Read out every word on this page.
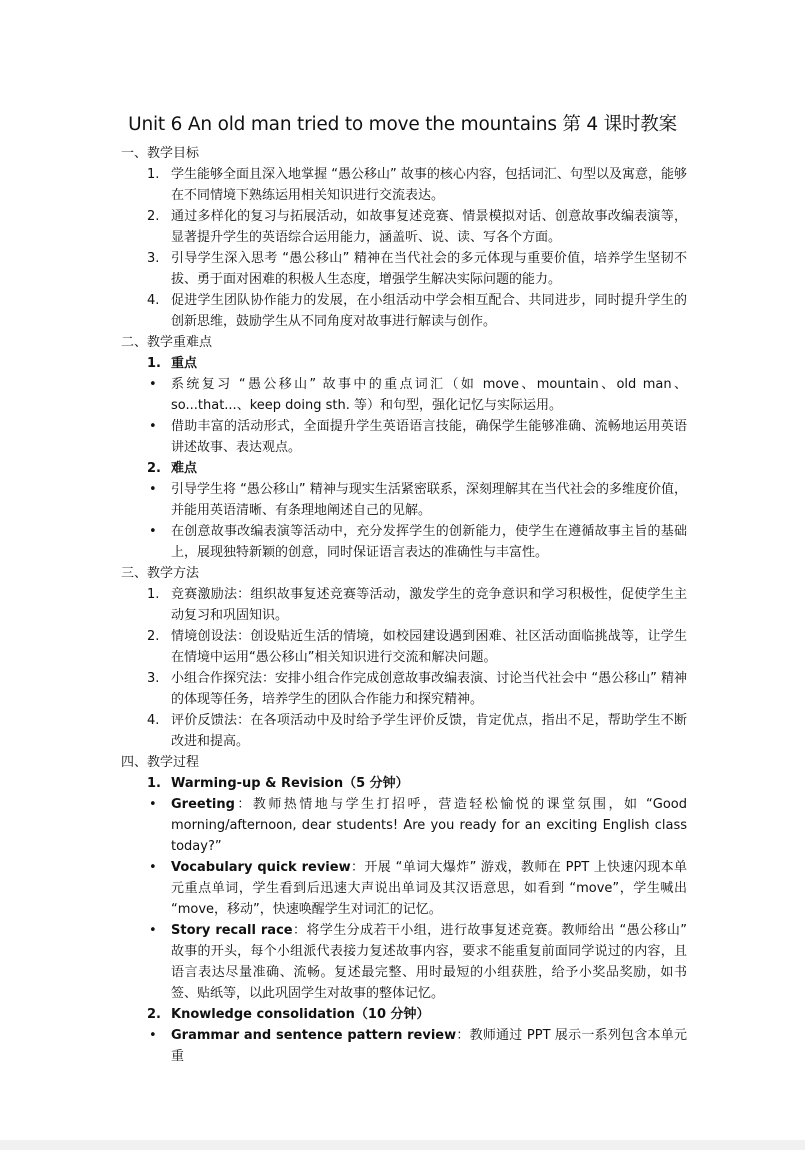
Unit 6 An old man tried to move the mountains 第 4 课时教案
一、教学目标
1. 学生能够全面且深入地掌握 “愚公移山” 故事的核心内容，包括词汇、句型以及寓意，能够在不同情境下熟练运用相关知识进行交流表达。
2. 通过多样化的复习与拓展活动，如故事复述竞赛、情景模拟对话、创意故事改编表演等，显著提升学生的英语综合运用能力，涵盖听、说、读、写各个方面。
3. 引导学生深入思考 “愚公移山” 精神在当代社会的多元体现与重要价值，培养学生坚韧不拔、勇于面对困难的积极人生态度，增强学生解决实际问题的能力。
4. 促进学生团队协作能力的发展，在小组活动中学会相互配合、共同进步，同时提升学生的创新思维，鼓励学生从不同角度对故事进行解读与创作。
二、教学重难点
1. 重点
• 系统复习 “愚公移山” 故事中的重点词汇（如 move、mountain、old man、so...that...、keep doing sth. 等）和句型，强化记忆与实际运用。
• 借助丰富的活动形式，全面提升学生英语语言技能，确保学生能够准确、流畅地运用英语讲述故事、表达观点。
2. 难点
• 引导学生将 “愚公移山” 精神与现实生活紧密联系，深刻理解其在当代社会的多维度价值，并能用英语清晰、有条理地阐述自己的见解。
• 在创意故事改编表演等活动中，充分发挥学生的创新能力，使学生在遵循故事主旨的基础上，展现独特新颖的创意，同时保证语言表达的准确性与丰富性。
三、教学方法
1. 竞赛激励法：组织故事复述竞赛等活动，激发学生的竞争意识和学习积极性，促使学生主动复习和巩固知识。
2. 情境创设法：创设贴近生活的情境，如校园建设遇到困难、社区活动面临挑战等，让学生在情境中运用“愚公移山”相关知识进行交流和解决问题。
3. 小组合作探究法：安排小组合作完成创意故事改编表演、讨论当代社会中 “愚公移山” 精神的体现等任务，培养学生的团队合作能力和探究精神。
4. 评价反馈法：在各项活动中及时给予学生评价反馈，肯定优点，指出不足，帮助学生不断改进和提高。
四、教学过程
1. Warming-up & Revision（5 分钟）
• Greeting：教师热情地与学生打招呼，营造轻松愉悦的课堂氛围，如 “Good morning/afternoon, dear students! Are you ready for an exciting English class today?”
• Vocabulary quick review：开展 “单词大爆炸” 游戏，教师在 PPT 上快速闪现本单元重点单词，学生看到后迅速大声说出单词及其汉语意思，如看到 “move”，学生喊出 “move，移动”，快速唤醒学生对词汇的记忆。
• Story recall race：将学生分成若干小组，进行故事复述竞赛。教师给出 “愚公移山” 故事的开头，每个小组派代表接力复述故事内容，要求不能重复前面同学说过的内容，且语言表达尽量准确、流畅。复述最完整、用时最短的小组获胜，给予小奖品奖励，如书签、贴纸等，以此巩固学生对故事的整体记忆。
2. Knowledge consolidation（10 分钟）
• Grammar and sentence pattern review：教师通过 PPT 展示一系列包含本单元重
